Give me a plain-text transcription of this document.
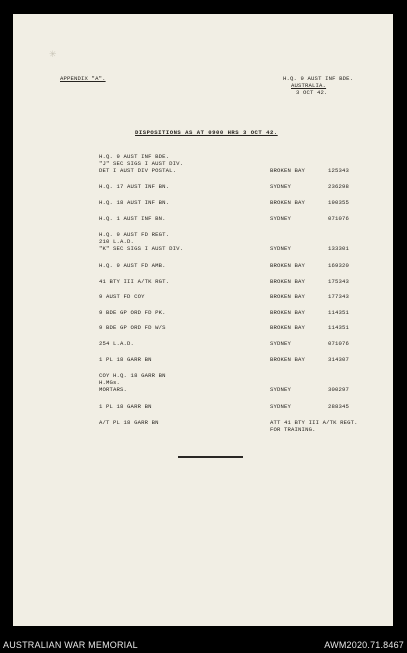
✳
APPENDIX "A".	H.Q. 9 AUST INF BDE.
AUSTRALIA.
3 OCT 42.
DISPOSITIONS AS AT 0900 HRS 3 OCT 42.
H.Q. 9 AUST INF BDE.
"J" SEC SIGS I AUST DIV.
DET I AUST DIV POSTAL.	BROKEN BAY	125343
H.Q. 17 AUST INF BN.	SYDNEY	236298
H.Q. 18 AUST INF BN.	BROKEN BAY	190355
H.Q. 1 AUST INF BN.	SYDNEY	071076
H.Q. 9 AUST FD REGT.
210 L.A.D.
"K" SEC SIGS I AUST DIV.	SYDNEY	133301
H.Q. 9 AUST FD AMB.	BROKEN BAY	169320
41 BTY III A/TK RGT.	BROKEN BAY	175343
9 AUST FD COY	BROKEN BAY	177343
9 BDE GP ORD FD PK.	BROKEN BAY	114351
9 BDE GP ORD FD W/S	BROKEN BAY	114351
254 L.A.D.	SYDNEY	071076
1 PL 18 GARR BN	BROKEN BAY	314307
COY H.Q. 18 GARR BN
H.MGs.
MORTARS.	SYDNEY	300297
1 PL 18 GARR BN	SYDNEY	288345
A/T PL 18 GARR BN	ATT 41 BTY III A/TK REGT.
FOR TRAINING.
AUSTRALIAN WAR MEMORIAL	AWM2020.71.8467
